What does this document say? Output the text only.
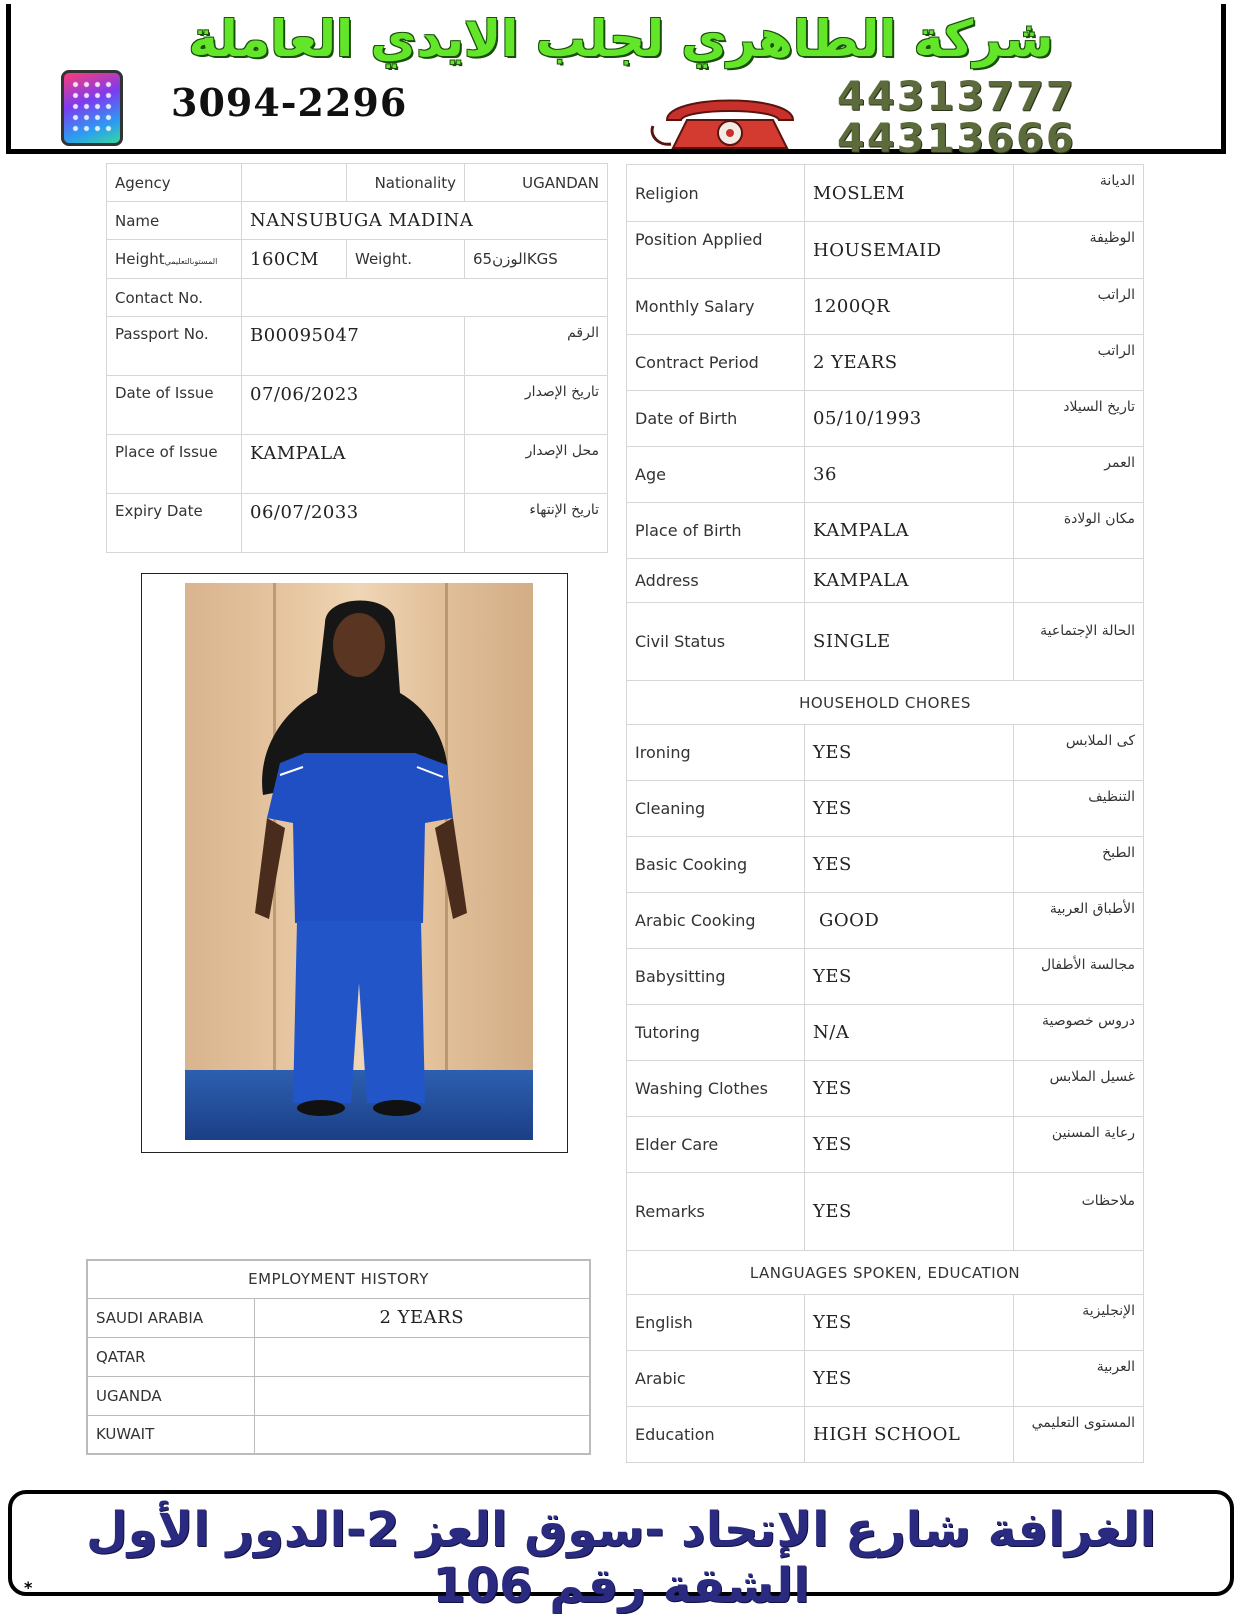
شركة الطاهري لجلب الايدي العاملة
3094-2296	44313777
44313666
Agency		Nationality	UGANDAN
Name	NANSUBUGA MADINA		
Heightالمستوىالتعليمي	160CM	Weight.	65الوزنKGS
Contact No.			
Passport No.	B00095047		الرقم
Date of Issue	07/06/2023		تاريخ الإصدار
Place of Issue	KAMPALA		محل الإصدار
Expiry Date	06/07/2033		تاريخ الإنتهاء
EMPLOYMENT HISTORY	
SAUDI ARABIA	2 YEARS
QATAR	
UGANDA	
KUWAIT	
Religion	MOSLEM	الديانة
Position Applied	HOUSEMAID	الوظيفة
Monthly Salary	1200QR	الراتب
Contract Period	2 YEARS	الراتب
Date of Birth	05/10/1993	تاريخ السيلاد
Age	36	العمر
Place of Birth	KAMPALA	مكان الولادة
Address	KAMPALA	
Civil Status	SINGLE	الحالة الإجتماعية
HOUSEHOLD CHORES		
Ironing	YES	كى الملابس
Cleaning	YES	التنظيف
Basic Cooking	YES	الطبخ
Arabic Cooking	GOOD	الأطباق العربية
Babysitting	YES	مجالسة الأطفال
Tutoring	N/A	دروس خصوصية
Washing Clothes	YES	غسيل الملابس
Elder Care	YES	رعاية المسنين
Remarks	YES	ملاحظات
LANGUAGES SPOKEN, EDUCATION		
English	YES	الإنجليزية
Arabic	YES	العربية
Education	HIGH SCHOOL	المستوى التعليمي
الغرافة شارع الإتحاد -سوق العز 2-الدور الأول الشقة رقم 106
*
